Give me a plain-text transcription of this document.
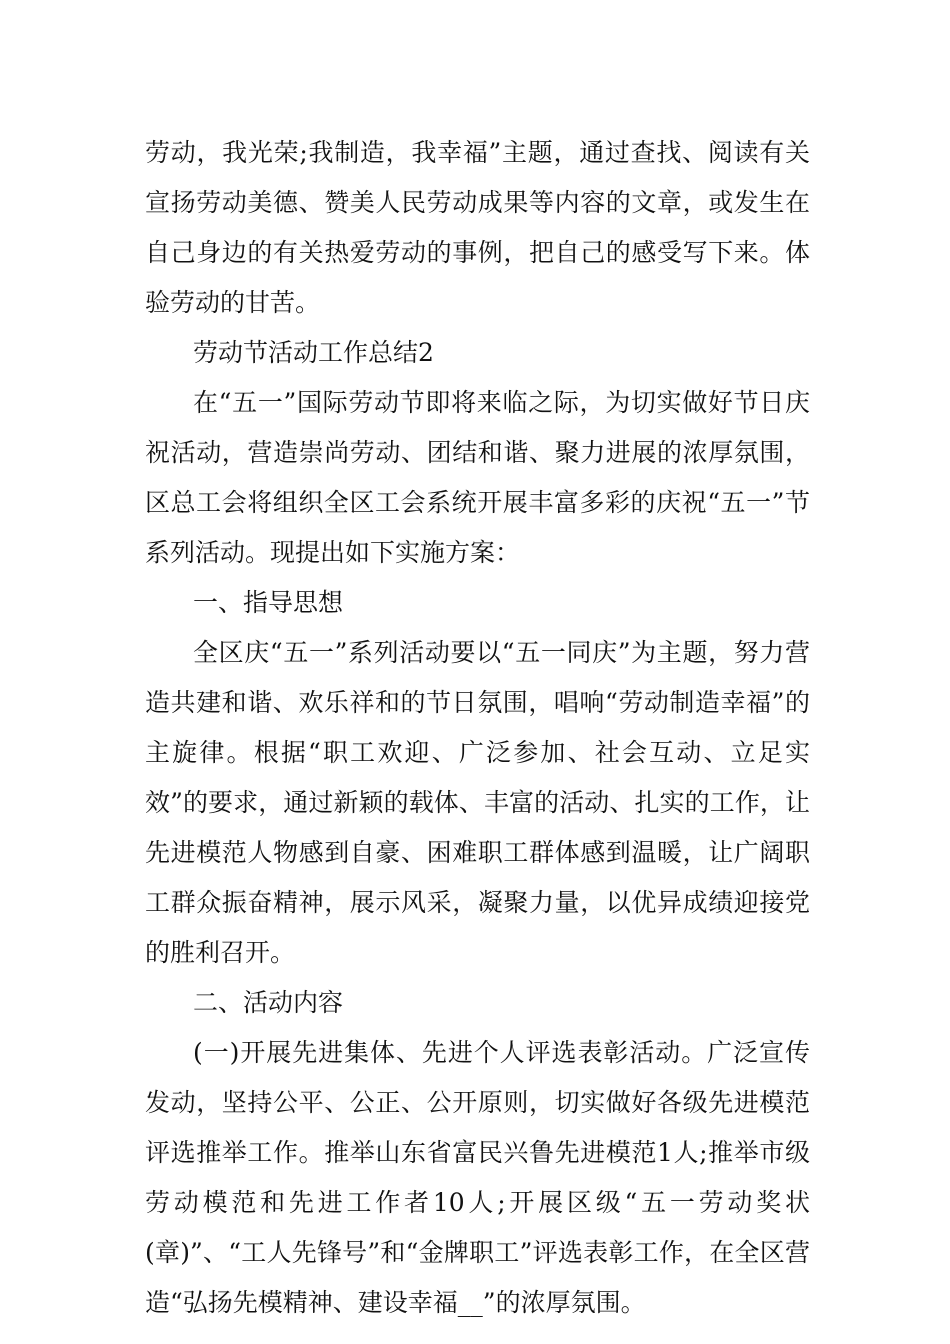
劳动，我光荣;我制造，我幸福”主题，通过查找、阅读有关宣扬劳动美德、赞美人民劳动成果等内容的文章，或发生在自己身边的有关热爱劳动的事例，把自己的感受写下来。体验劳动的甘苦。

劳动节活动工作总结2

在“五一”国际劳动节即将来临之际，为切实做好节日庆祝活动，营造崇尚劳动、团结和谐、聚力进展的浓厚氛围，区总工会将组织全区工会系统开展丰富多彩的庆祝“五一”节系列活动。现提出如下实施方案：

一、指导思想

全区庆“五一”系列活动要以“五一同庆”为主题，努力营造共建和谐、欢乐祥和的节日氛围，唱响“劳动制造幸福”的主旋律。根据“职工欢迎、广泛参加、社会互动、立足实效”的要求，通过新颖的载体、丰富的活动、扎实的工作，让先进模范人物感到自豪、困难职工群体感到温暖，让广阔职工群众振奋精神，展示风采，凝聚力量，以优异成绩迎接党的胜利召开。

二、活动内容

(一)开展先进集体、先进个人评选表彰活动。广泛宣传发动，坚持公平、公正、公开原则，切实做好各级先进模范评选推举工作。推举山东省富民兴鲁先进模范1人;推举市级劳动模范和先进工作者10人;开展区级“五一劳动奖状(章)”、“工人先锋号”和“金牌职工”评选表彰工作，在全区营造“弘扬先模精神、建设幸福__”的浓厚氛围。
